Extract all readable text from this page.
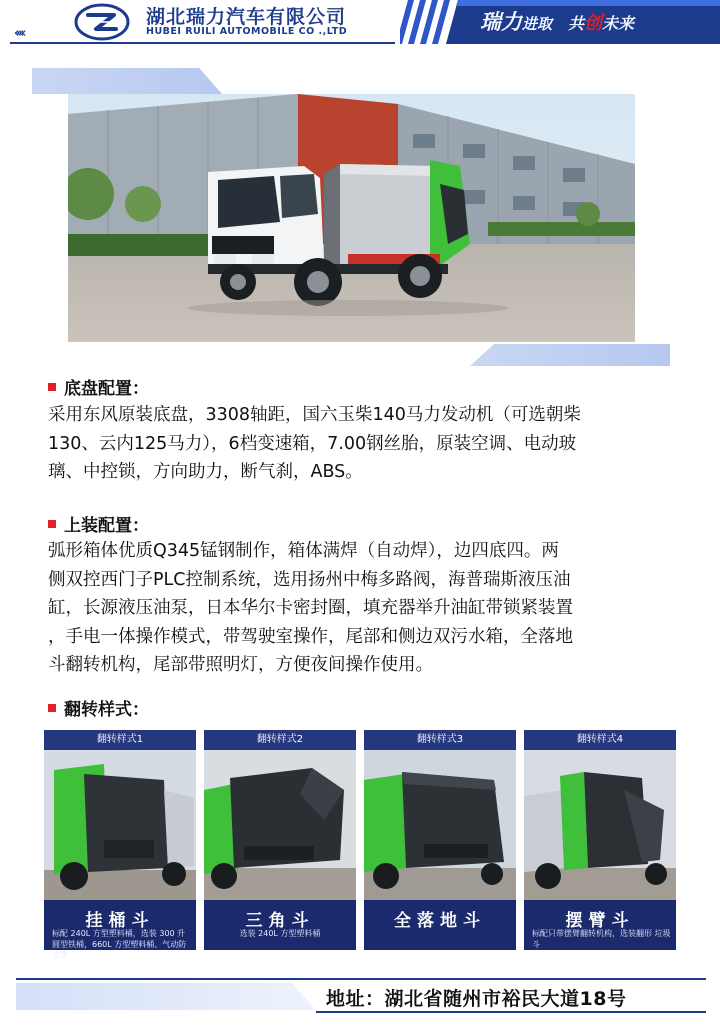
‹‹‹‹
湖北瑞力汽车有限公司
HUBEI RUILI AUTOMOBILE CO .,LTD	瑞力进取 共创未来
底盘配置：
采用东风原装底盘，3308轴距，国六玉柴140马力发动机（可选朝柴
130、云内125马力），6档变速箱，7.00钢丝胎，原装空调、电动玻
璃、中控锁，方向助力，断气刹，ABS。
上装配置：
弧形箱体优质Q345锰钢制作，箱体满焊（自动焊），边四底四。两
侧双控西门子PLC控制系统，选用扬州中梅多路阀，海普瑞斯液压油
缸，长源液压油泵，日本华尔卡密封圈，填充器举升油缸带锁紧装置
，手电一体操作模式，带驾驶室操作，尾部和侧边双污水箱，全落地
斗翻转机构，尾部带照明灯，方便夜间操作使用。
翻转样式：
翻转样式1
挂桶斗
标配 240L 方型塑料桶，选装 300 升圆型铁桶，660L 方型塑料桶、气动防尘罩
翻转样式2
三角斗
选装 240L 方型塑料桶
翻转样式3
全落地斗
翻转样式4
摆臂斗
标配只带摆臂翻转机构，选装翻形 垃圾斗
地址：湖北省随州市裕民大道18号
